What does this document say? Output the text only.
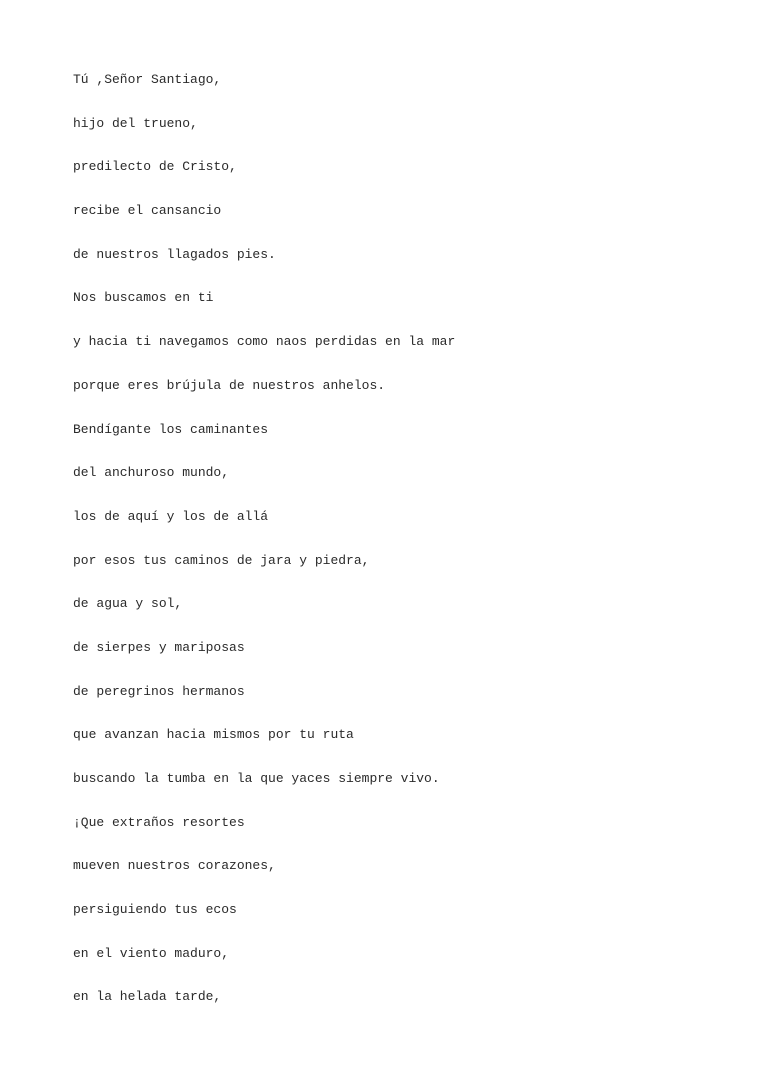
Tú ,Señor Santiago,
hijo del trueno,
predilecto de Cristo,
recibe el cansancio
de nuestros llagados pies.
Nos buscamos en ti
y hacia ti navegamos como naos perdidas en la mar
porque eres brújula de nuestros anhelos.
Bendígante los caminantes
del anchuroso mundo,
los de aquí y los de allá
por esos tus caminos de jara y piedra,
de agua y sol,
de sierpes y mariposas
de peregrinos hermanos
que avanzan hacia mismos por tu ruta
buscando la tumba en la que yaces siempre vivo.
¡Que extraños resortes
mueven nuestros corazones,
persiguiendo tus ecos
en el viento maduro,
en la helada tarde,
